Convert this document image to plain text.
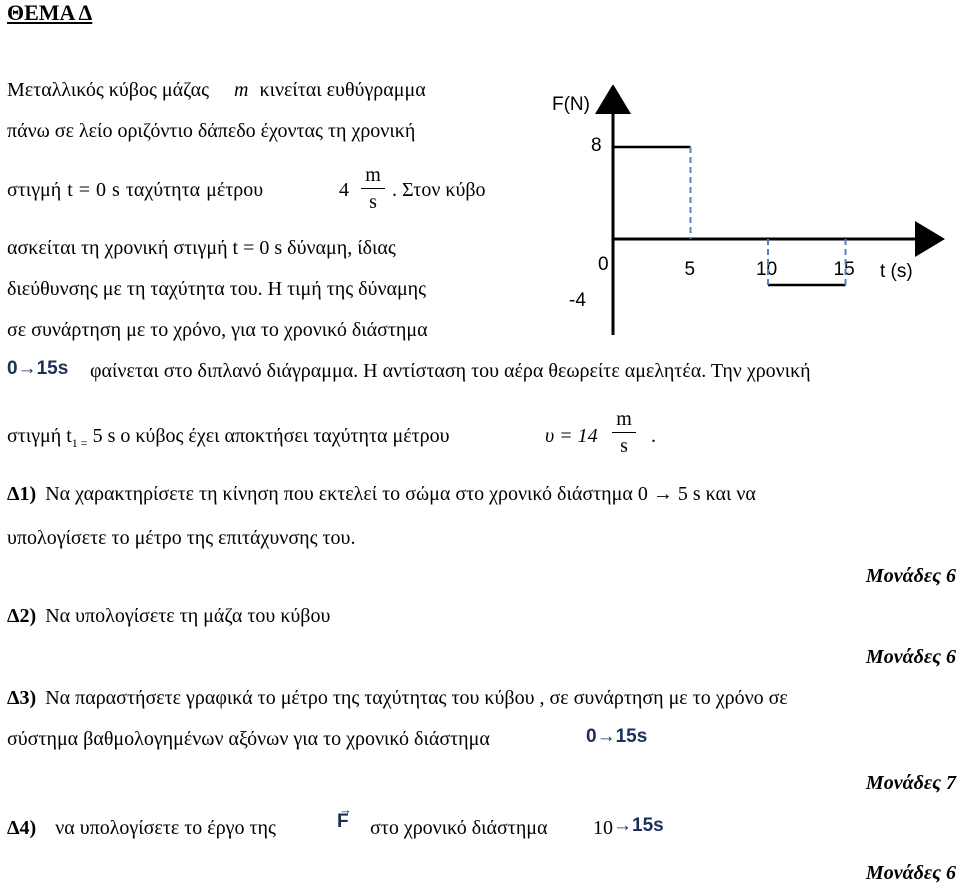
ΘΕΜΑ Δ
Μεταλλικός κύβος μάζας m κινείται ευθύγραμμα
πάνω σε λείο οριζόντιο δάπεδο έχοντας τη χρονική
στιγμή t = 0 s ταχύτητα μέτρου	4
m
s
. Στον κύβο
ασκείται τη χρονική στιγμή t = 0 s δύναμη, ίδιας
διεύθυνσης με τη ταχύτητα του. Η τιμή της δύναμης
σε συνάρτηση με το χρόνο, για το χρονικό διάστημα
0→15s φαίνεται στο διπλανό διάγραμμα. Η αντίσταση του αέρα θεωρείτε αμελητέα. Την χρονική
στιγμή $t_{1 =}$ 5 s ο κύβος έχει αποκτήσει ταχύτητα μέτρου	υ = 14
m
s	.
F(N)
t (s)
0	5	10	15
8
-4
Δ1) Να χαρακτηρίσετε τη κίνηση που εκτελεί το σώμα στο χρονικό διάστημα 0 → 5 s και να
υπολογίσετε το μέτρο της επιτάχυνσης του.
Μονάδες 6
Δ2) Να υπολογίσετε τη μάζα του κύβου
Μονάδες 6
Δ3) Να παραστήσετε γραφικά το μέτρο της ταχύτητας του κύβου , σε συνάρτηση με το χρόνο σε
σύστημα βαθμολογημένων αξόνων για το χρονικό διάστημα	0→15s
Μονάδες 7
Δ4) να υπολογίσετε το έργο της
→
F στο χρονικό διάστημα 10 →15s
Μονάδες 6
